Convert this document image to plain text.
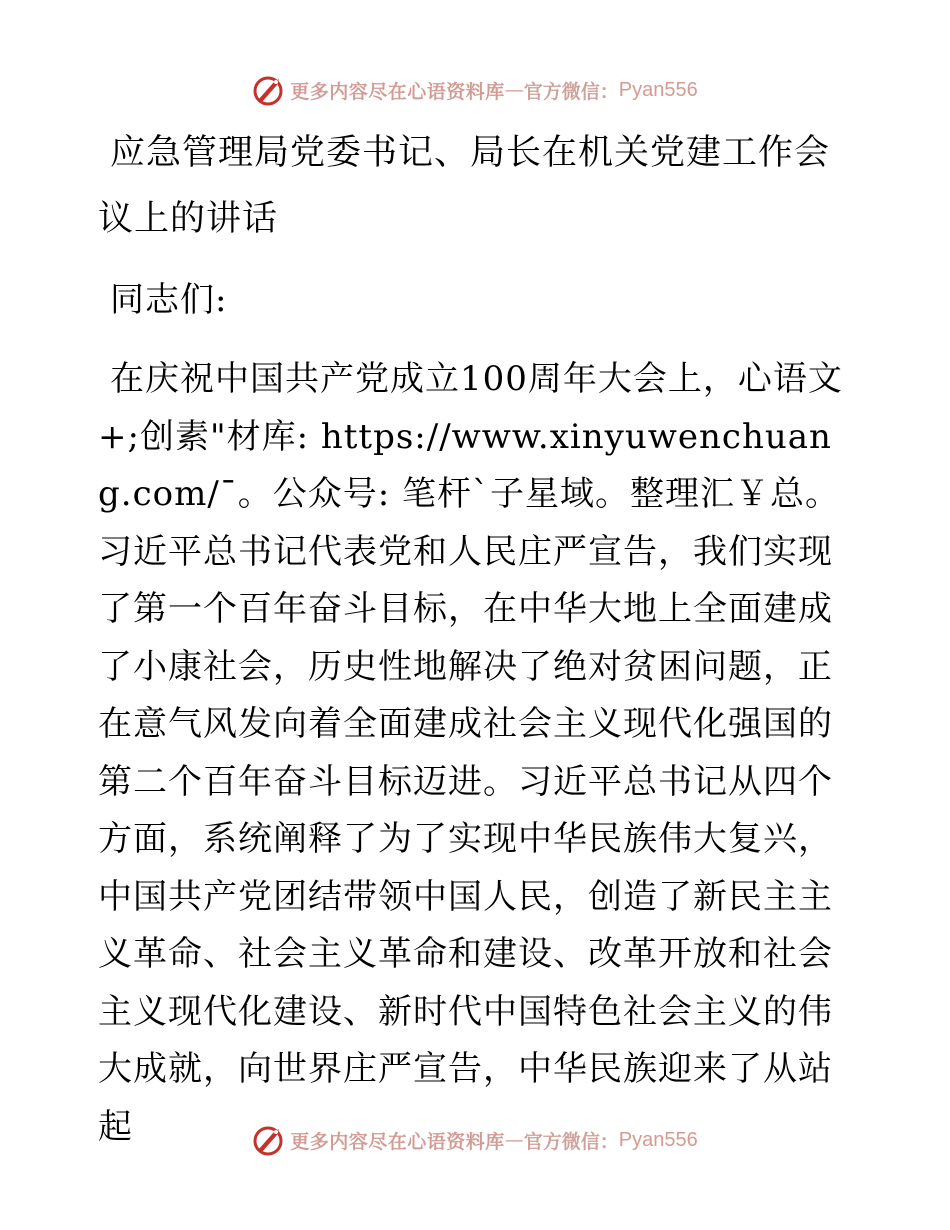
更多内容尽在心语资料库 — 官方微信： Pyan556
应急管理局党委书记、局长在机关党建工作会议上的讲话

同志们:

在庆祝中国共产党成立100周年大会上，心语文+;创素"材库: https://www.xinyuwenchuang.com/¯。公众号: 笔杆`子星域。整理汇￥总。习近平总书记代表党和人民庄严宣告，我们实现了第一个百年奋斗目标，在中华大地上全面建成了小康社会，历史性地解决了绝对贫困问题，正在意气风发向着全面建成社会主义现代化强国的第二个百年奋斗目标迈进。习近平总书记从四个方面，系统阐释了为了实现中华民族伟大复兴，中国共产党团结带领中国人民，创造了新民主主义革命、社会主义革命和建设、改革开放和社会主义现代化建设、新时代中国特色社会主义的伟大成就，向世界庄严宣告，中华民族迎来了从站起	更多内容尽在心语资料库 — 官方微信： Pyan556
